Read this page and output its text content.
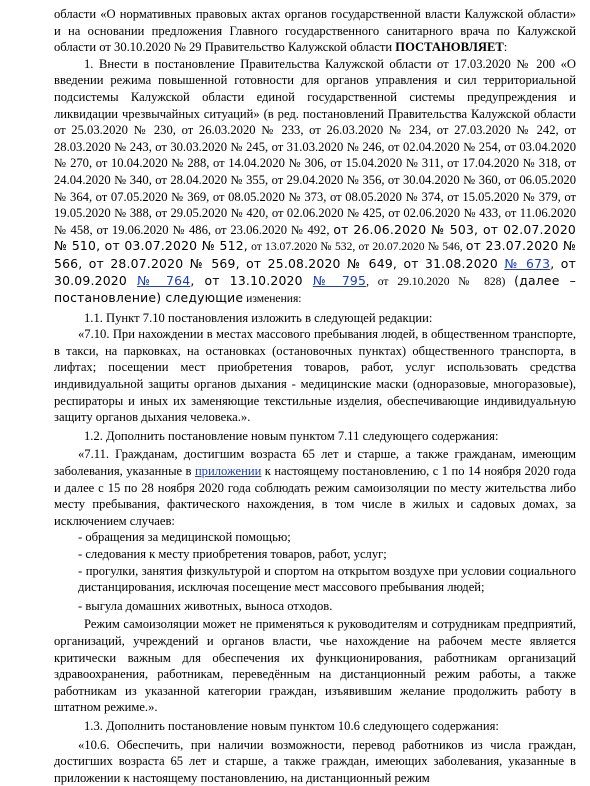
области «О нормативных правовых актах органов государственной власти Калужской области» и на основании предложения Главного государственного санитарного врача по Калужской области от 30.10.2020 № 29 Правительство Калужской области ПОСТАНОВЛЯЕТ:

1. Внести в постановление Правительства Калужской области от 17.03.2020 № 200 «О введении режима повышенной готовности для органов управления и сил территориальной подсистемы Калужской области единой государственной системы предупреждения и ликвидации чрезвычайных ситуаций» (в ред. постановлений Правительства Калужской области от 25.03.2020 № 230, от 26.03.2020 № 233, от 26.03.2020 № 234, от 27.03.2020 № 242, от 28.03.2020 № 243, от 30.03.2020 № 245, от 31.03.2020 № 246, от 02.04.2020 № 254, от 03.04.2020 № 270, от 10.04.2020 № 288, от 14.04.2020 № 306, от 15.04.2020 № 311, от 17.04.2020 № 318, от 24.04.2020 № 340, от 28.04.2020 № 355, от 29.04.2020 № 356, от 30.04.2020 № 360, от 06.05.2020 № 364, от 07.05.2020 № 369, от 08.05.2020 № 373, от 08.05.2020 № 374, от 15.05.2020 № 379, от 19.05.2020 № 388, от 29.05.2020 № 420, от 02.06.2020 № 425, от 02.06.2020 № 433, от 11.06.2020 № 458, от 19.06.2020 № 486, от 23.06.2020 № 492, от 26.06.2020 № 503, от 02.07.2020 № 510, от 03.07.2020 № 512, от 13.07.2020 № 532, от 20.07.2020 № 546, от 23.07.2020 № 566, от 28.07.2020 № 569, от 25.08.2020 № 649, от 31.08.2020 № 673, от 30.09.2020 № 764, от 13.10.2020 № 795, от 29.10.2020 № 828) (далее – постановление) следующие изменения:

1.1. Пункт 7.10 постановления изложить в следующей редакции:

«7.10. При нахождении в местах массового пребывания людей, в общественном транспорте, в такси, на парковках, на остановках (остановочных пунктах) общественного транспорта, в лифтах; посещении мест приобретения товаров, работ, услуг использовать средства индивидуальной защиты органов дыхания - медицинские маски (одноразовые, многоразовые), респираторы и иных их заменяющие текстильные изделия, обеспечивающие индивидуальную защиту органов дыхания человека.».

1.2. Дополнить постановление новым пунктом 7.11 следующего содержания:

«7.11. Гражданам, достигшим возраста 65 лет и старше, а также гражданам, имеющим заболевания, указанные в приложении к настоящему постановлению, с 1 по 14 ноября 2020 года и далее с 15 по 28 ноября 2020 года соблюдать режим самоизоляции по месту жительства либо месту пребывания, фактического нахождения, в том числе в жилых и садовых домах, за исключением случаев:

- обращения за медицинской помощью;

- следования к месту приобретения товаров, работ, услуг;

- прогулки, занятия физкультурой и спортом на открытом воздухе при условии социального дистанцирования, исключая посещение мест массового пребывания людей;

- выгула домашних животных, выноса отходов.

Режим самоизоляции может не применяться к руководителям и сотрудникам предприятий, организаций, учреждений и органов власти, чье нахождение на рабочем месте является критически важным для обеспечения их функционирования, работникам организаций здравоохранения, работникам, переведённым на дистанционный режим работы, а также работникам из указанной категории граждан, изъявившим желание продолжить работу в штатном режиме.».

1.3. Дополнить постановление новым пунктом 10.6 следующего содержания:

«10.6. Обеспечить, при наличии возможности, перевод работников из числа граждан, достигших возраста 65 лет и старше, а также граждан, имеющих заболевания, указанные в приложении к настоящему постановлению, на дистанционный режим
